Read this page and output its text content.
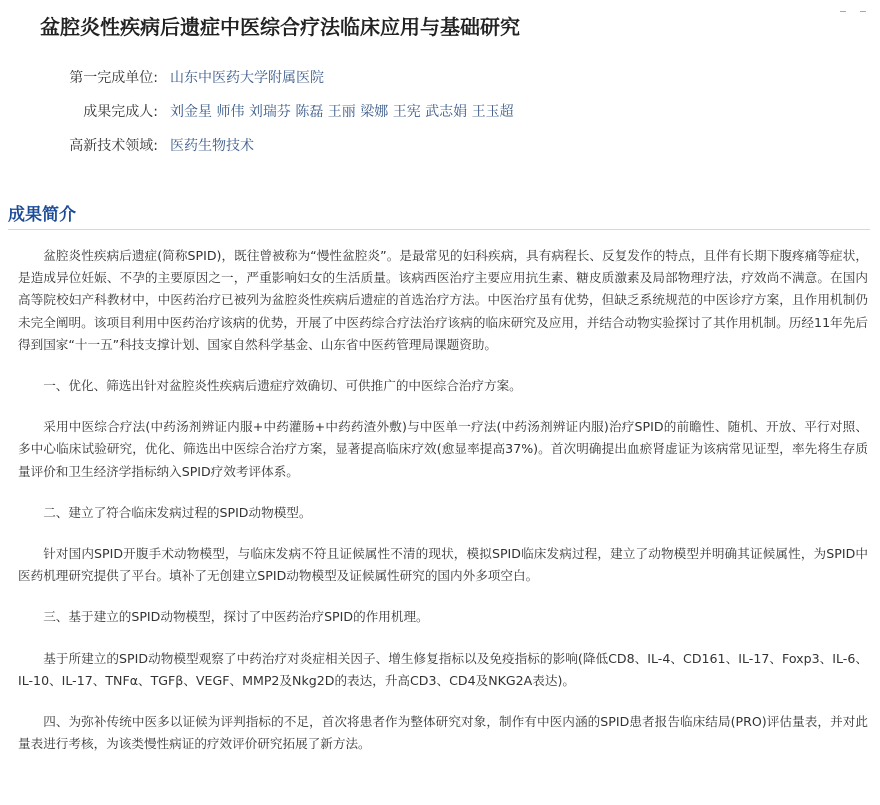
盆腔炎性疾病后遗症中医综合疗法临床应用与基础研究
第一完成单位: 山东中医药大学附属医院
成果完成人: 刘金星 师伟 刘瑞芬 陈磊 王丽 梁娜 王宪 武志娟 王玉超
高新技术领域: 医药生物技术
成果简介

盆腔炎性疾病后遗症(简称SPID)，既往曾被称为“慢性盆腔炎”。是最常见的妇科疾病，具有病程长、反复发作的特点，且伴有长期下腹疼痛等症状，是造成异位妊娠、不孕的主要原因之一，严重影响妇女的生活质量。该病西医治疗主要应用抗生素、糖皮质激素及局部物理疗法，疗效尚不满意。在国内高等院校妇产科教材中，中医药治疗已被列为盆腔炎性疾病后遗症的首选治疗方法。中医治疗虽有优势，但缺乏系统规范的中医诊疗方案，且作用机制仍未完全阐明。该项目利用中医药治疗该病的优势，开展了中医药综合疗法治疗该病的临床研究及应用，并结合动物实验探讨了其作用机制。历经11年先后得到国家“十一五”科技支撑计划、国家自然科学基金、山东省中医药管理局课题资助。

一、优化、筛选出针对盆腔炎性疾病后遗症疗效确切、可供推广的中医综合治疗方案。

采用中医综合疗法(中药汤剂辨证内服+中药灌肠+中药药渣外敷)与中医单一疗法(中药汤剂辨证内服)治疗SPID的前瞻性、随机、开放、平行对照、多中心临床试验研究，优化、筛选出中医综合治疗方案，显著提高临床疗效(愈显率提高37%)。首次明确提出血瘀肾虚证为该病常见证型，率先将生存质量评价和卫生经济学指标纳入SPID疗效考评体系。

二、建立了符合临床发病过程的SPID动物模型。

针对国内SPID开腹手术动物模型，与临床发病不符且证候属性不清的现状，模拟SPID临床发病过程，建立了动物模型并明确其证候属性，为SPID中医药机理研究提供了平台。填补了无创建立SPID动物模型及证候属性研究的国内外多项空白。

三、基于建立的SPID动物模型，探讨了中医药治疗SPID的作用机理。

基于所建立的SPID动物模型观察了中药治疗对炎症相关因子、增生修复指标以及免疫指标的影响(降低CD8、IL-4、CD161、IL-17、Foxp3、IL-6、IL-10、IL-17、TNFα、TGFβ、VEGF、MMP2及Nkg2D的表达，升高CD3、CD4及NKG2A表达)。

四、为弥补传统中医多以证候为评判指标的不足，首次将患者作为整体研究对象，制作有中医内涵的SPID患者报告临床结局(PRO)评估量表，并对此量表进行考核，为该类慢性病证的疗效评价研究拓展了新方法。
